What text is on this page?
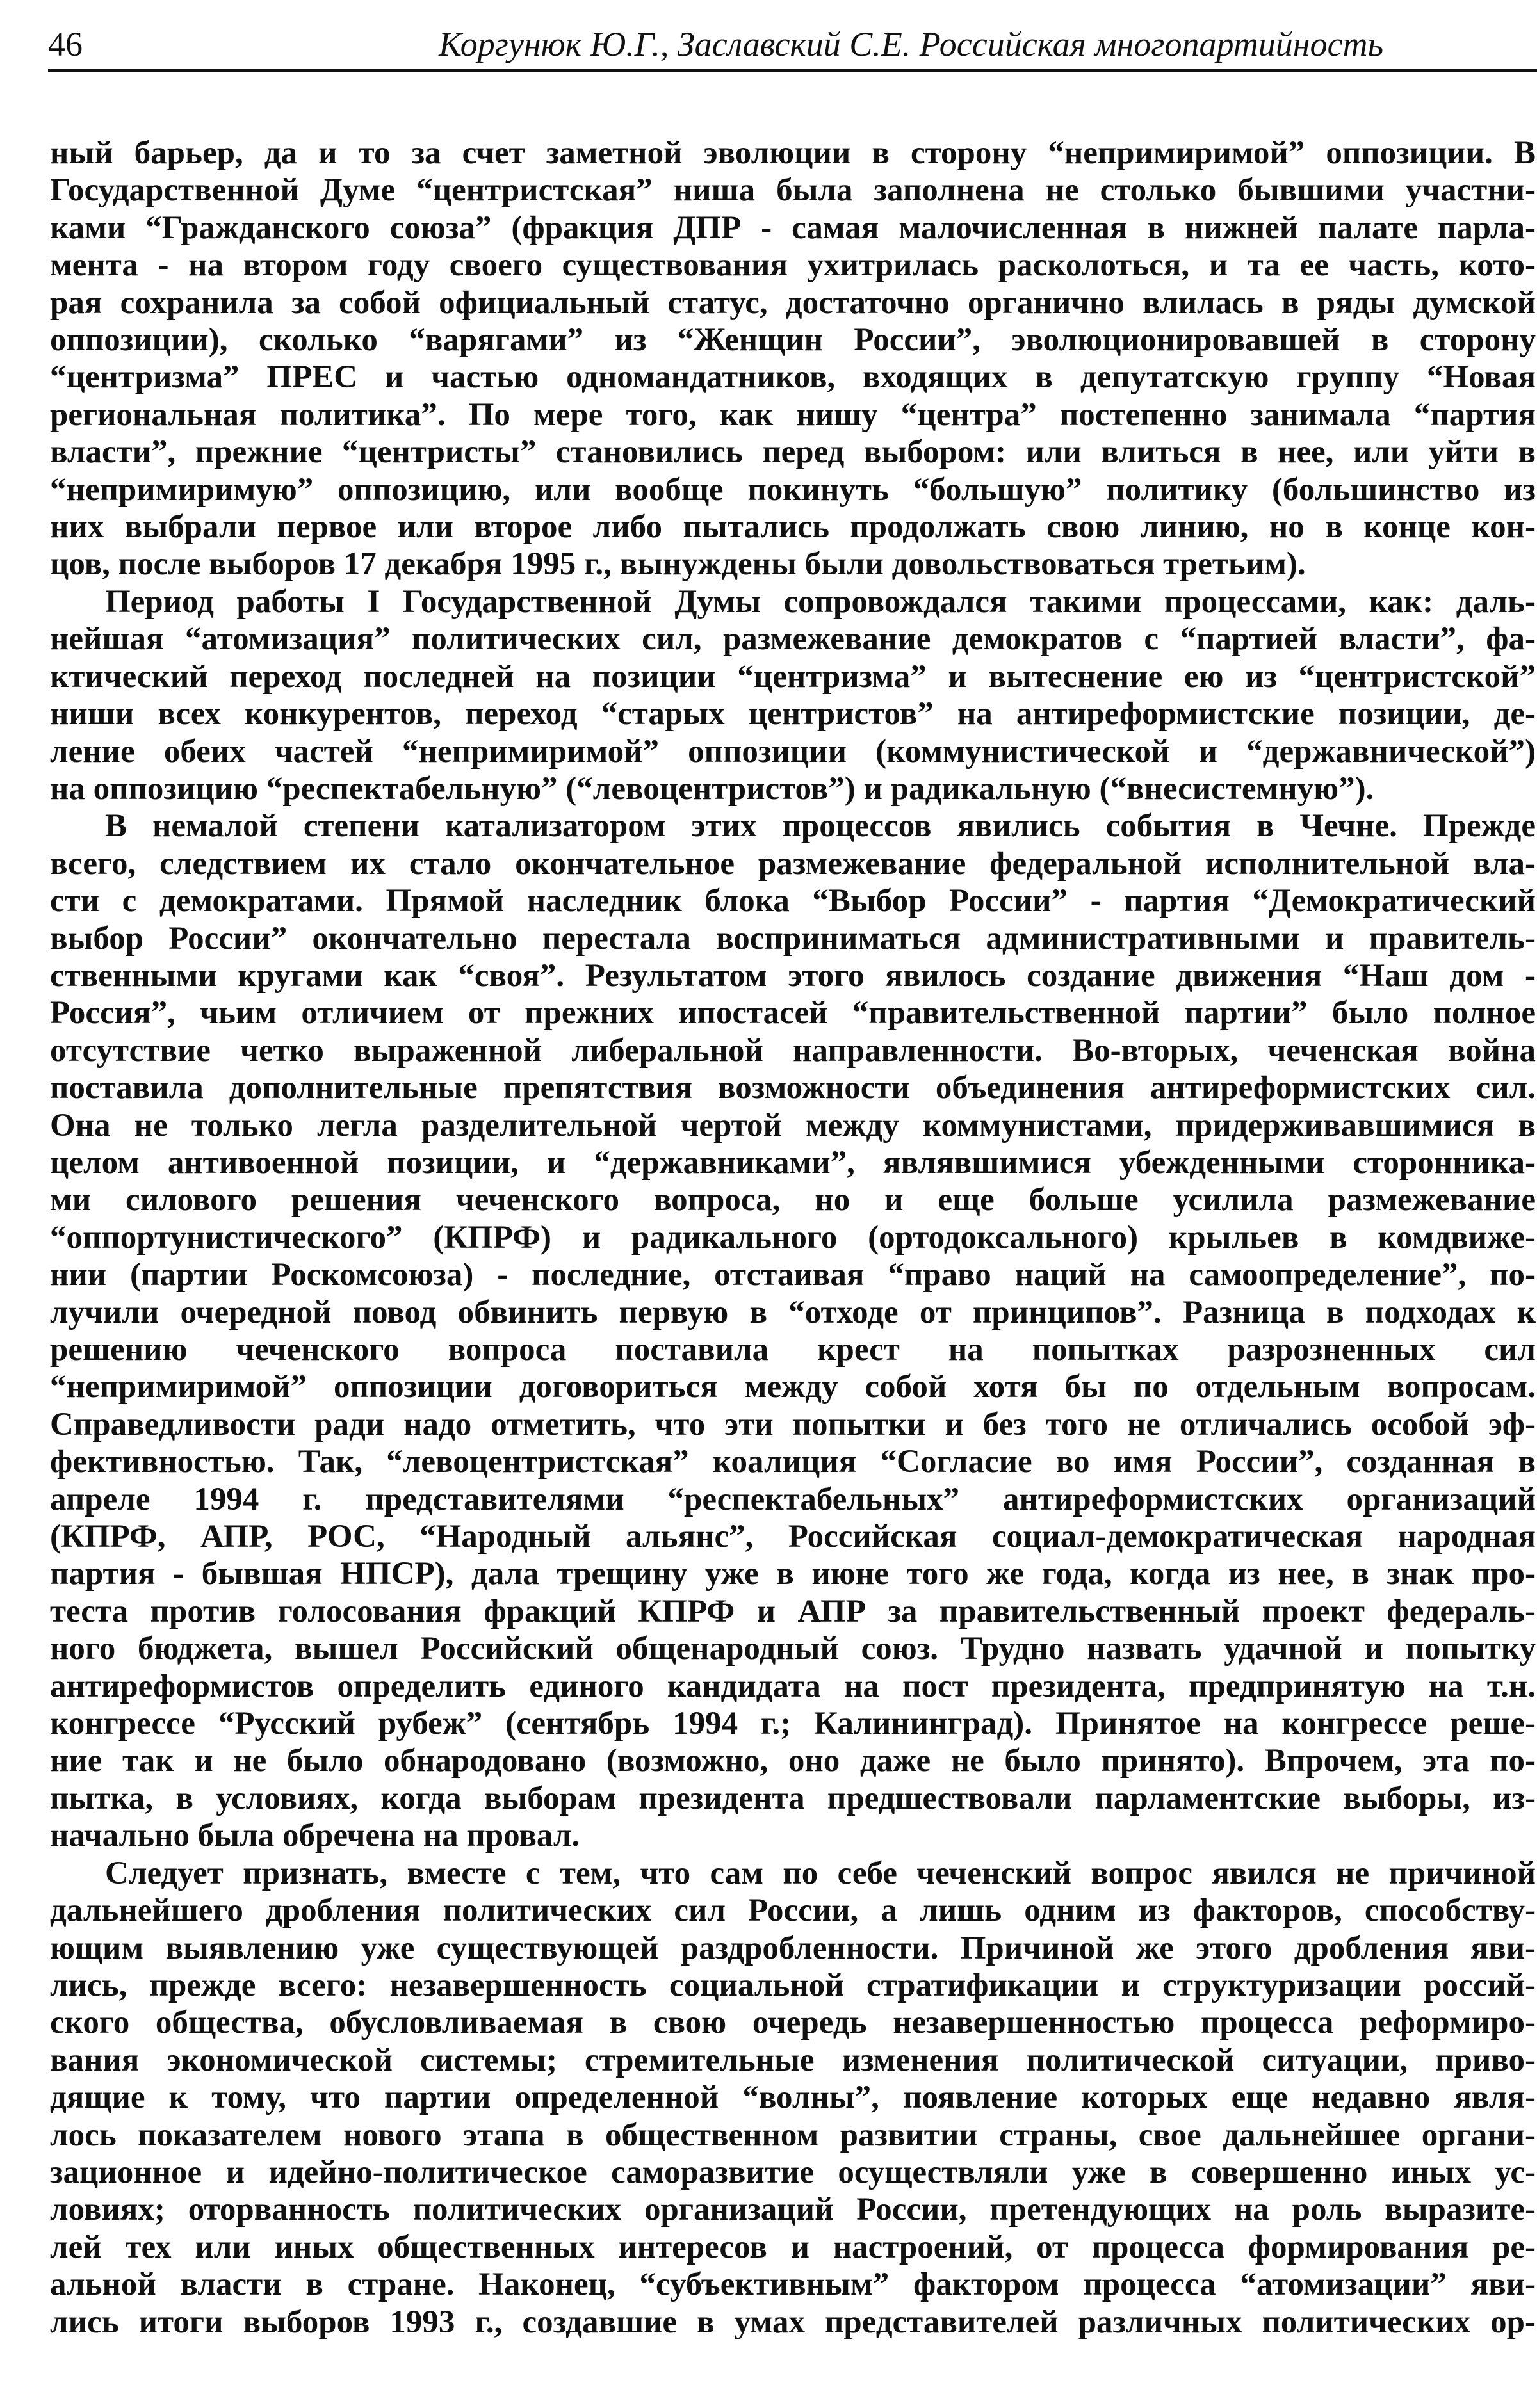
46	Коргунюк Ю.Г., Заславский С.Е. Российская многопартийность

ный барьер, да и то за счет заметной эволюции в сторону “непримиримой” оппозиции. В
Государственной Думе “центристская” ниша была заполнена не столько бывшими участни-
ками “Гражданского союза” (фракция ДПР - самая малочисленная в нижней палате парла-
мента - на втором году своего существования ухитрилась расколоться, и та ее часть, кото-
рая сохранила за собой официальный статус, достаточно органично влилась в ряды думской
оппозиции), сколько “варягами” из “Женщин России”, эволюционировавшей в сторону
“центризма” ПРЕС и частью одномандатников, входящих в депутатскую группу “Новая
региональная политика”. По мере того, как нишу “центра” постепенно занимала “партия
власти”, прежние “центристы” становились перед выбором: или влиться в нее, или уйти в
“непримиримую” оппозицию, или вообще покинуть “большую” политику (большинство из
них выбрали первое или второе либо пытались продолжать свою линию, но в конце кон-
цов, после выборов 17 декабря 1995 г., вынуждены были довольствоваться третьим).

Период работы I Государственной Думы сопровождался такими процессами, как: даль-
нейшая “атомизация” политических сил, размежевание демократов с “партией власти”, фа-
ктический переход последней на позиции “центризма” и вытеснение ею из “центристской”
ниши всех конкурентов, переход “старых центристов” на антиреформистские позиции, де-
ление обеих частей “непримиримой” оппозиции (коммунистической и “державнической”)
на оппозицию “респектабельную” (“левоцентристов”) и радикальную (“внесистемную”).

В немалой степени катализатором этих процессов явились события в Чечне. Прежде
всего, следствием их стало окончательное размежевание федеральной исполнительной вла-
сти с демократами. Прямой наследник блока “Выбор России” - партия “Демократический
выбор России” окончательно перестала восприниматься административными и правитель-
ственными кругами как “своя”. Результатом этого явилось создание движения “Наш дом -
Россия”, чьим отличием от прежних ипостасей “правительственной партии” было полное
отсутствие четко выраженной либеральной направленности. Во-вторых, чеченская война
поставила дополнительные препятствия возможности объединения антиреформистских сил.
Она не только легла разделительной чертой между коммунистами, придерживавшимися в
целом антивоенной позиции, и “державниками”, являвшимися убежденными сторонника-
ми силового решения чеченского вопроса, но и еще больше усилила размежевание
“оппортунистического” (КПРФ) и радикального (ортодоксального) крыльев в комдвиже-
нии (партии Роскомсоюза) - последние, отстаивая “право наций на самоопределение”, по-
лучили очередной повод обвинить первую в “отходе от принципов”. Разница в подходах к
решению чеченского вопроса поставила крест на попытках разрозненных сил
“непримиримой” оппозиции договориться между собой хотя бы по отдельным вопросам.
Справедливости ради надо отметить, что эти попытки и без того не отличались особой эф-
фективностью. Так, “левоцентристская” коалиция “Согласие во имя России”, созданная в
апреле 1994 г. представителями “респектабельных” антиреформистских организаций
(КПРФ, АПР, РОС, “Народный альянс”, Российская социал-демократическая народная
партия - бывшая НПСР), дала трещину уже в июне того же года, когда из нее, в знак про-
теста против голосования фракций КПРФ и АПР за правительственный проект федераль-
ного бюджета, вышел Российский общенародный союз. Трудно назвать удачной и попытку
антиреформистов определить единого кандидата на пост президента, предпринятую на т.н.
конгрессе “Русский рубеж” (сентябрь 1994 г.; Калининград). Принятое на конгрессе реше-
ние так и не было обнародовано (возможно, оно даже не было принято). Впрочем, эта по-
пытка, в условиях, когда выборам президента предшествовали парламентские выборы, из-
начально была обречена на провал.

Следует признать, вместе с тем, что сам по себе чеченский вопрос явился не причиной
дальнейшего дробления политических сил России, а лишь одним из факторов, способству-
ющим выявлению уже существующей раздробленности. Причиной же этого дробления яви-
лись, прежде всего: незавершенность социальной стратификации и структуризации россий-
ского общества, обусловливаемая в свою очередь незавершенностью процесса реформиро-
вания экономической системы; стремительные изменения политической ситуации, приво-
дящие к тому, что партии определенной “волны”, появление которых еще недавно явля-
лось показателем нового этапа в общественном развитии страны, свое дальнейшее органи-
зационное и идейно-политическое саморазвитие осуществляли уже в совершенно иных ус-
ловиях; оторванность политических организаций России, претендующих на роль выразите-
лей тех или иных общественных интересов и настроений, от процесса формирования ре-
альной власти в стране. Наконец, “субъективным” фактором процесса “атомизации” яви-
лись итоги выборов 1993 г., создавшие в умах представителей различных политических ор-
